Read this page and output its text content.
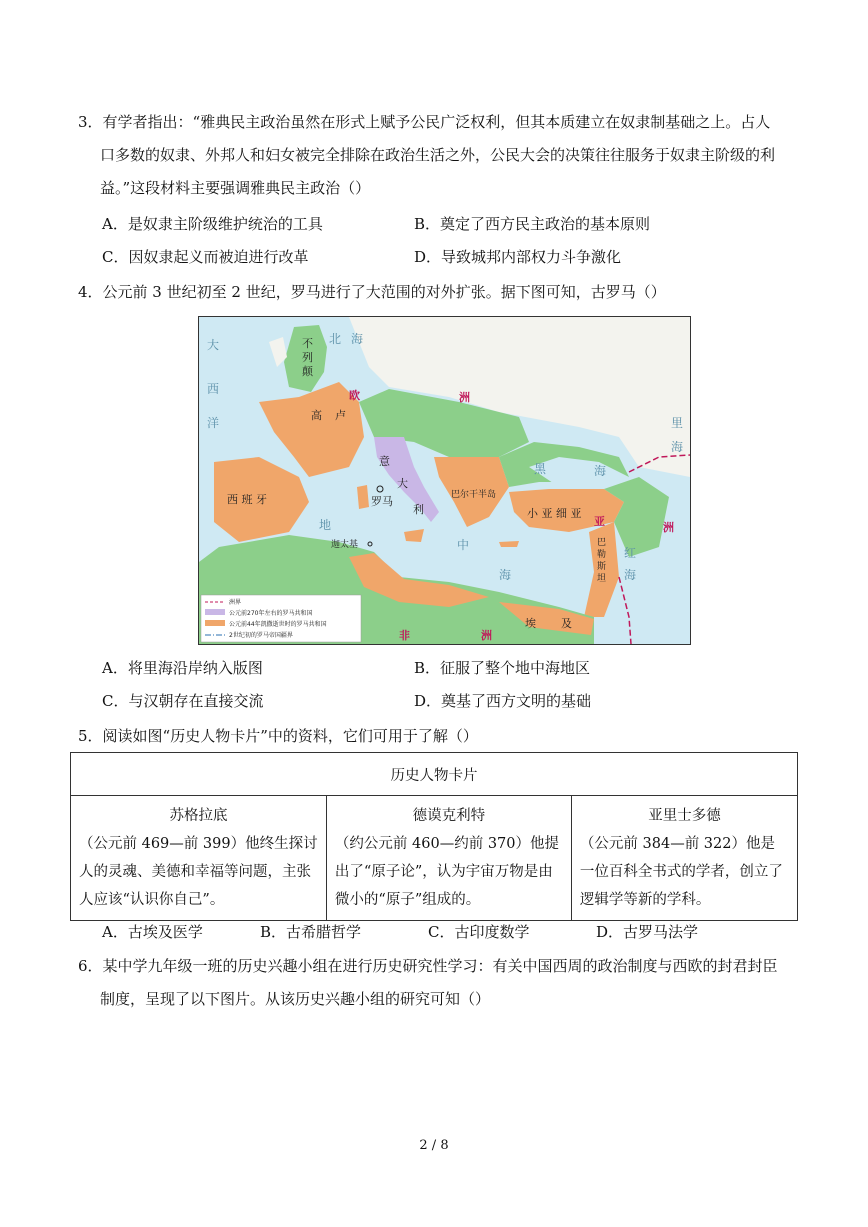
3．有学者指出：“雅典民主政治虽然在形式上赋予公民广泛权利，但其本质建立在奴隶制基础之上。占人

口多数的奴隶、外邦人和妇女被完全排除在政治生活之外，公民大会的决策往往服务于奴隶主阶级的利

益。”这段材料主要强调雅典民主政治（）

A．是奴隶主阶级维护统治的工具	B．奠定了西方民主政治的基本原则
C．因奴隶起义而被迫进行改革	D．导致城邦内部权力斗争激化

4．公元前 3 世纪初至 2 世纪，罗马进行了大范围的对外扩张。据下图可知，古罗马（）

大
西
洋
北 海
不
列
颠
欧	洲
高 卢
西 班 牙
意
大
利
罗马	巴尔干半岛
黑	海
小 亚 细 亚
亚	洲
迦太基
地
中
海
红
海
巴
勒
斯
坦
埃 及
非	洲
里
海
洲界
公元前270年左右的罗马共和国
公元前44年凯撒逝世时的罗马共和国
2世纪初的罗马帝国疆界
A．将里海沿岸纳入版图	B．征服了整个地中海地区
C．与汉朝存在直接交流	D．奠基了西方文明的基础

5．阅读如图“历史人物卡片”中的资料，它们可用于了解（）

历史人物卡片

苏格拉底
（公元前 469—前 399）他终生探讨人的灵魂、美德和幸福等问题，主张人应该“认识你自己”。	
德谟克利特
（约公元前 460—约前 370）他提出了“原子论”，认为宇宙万物是由微小的“原子”组成的。	
亚里士多德
（公元前 384—前 322）他是一位百科全书式的学者，创立了逻辑学等新的学科。
A．古埃及医学	B．古希腊哲学	C．古印度数学	D．古罗马法学

6．某中学九年级一班的历史兴趣小组在进行历史研究性学习：有关中国西周的政治制度与西欧的封君封臣

制度，呈现了以下图片。从该历史兴趣小组的研究可知（）

2 / 8
